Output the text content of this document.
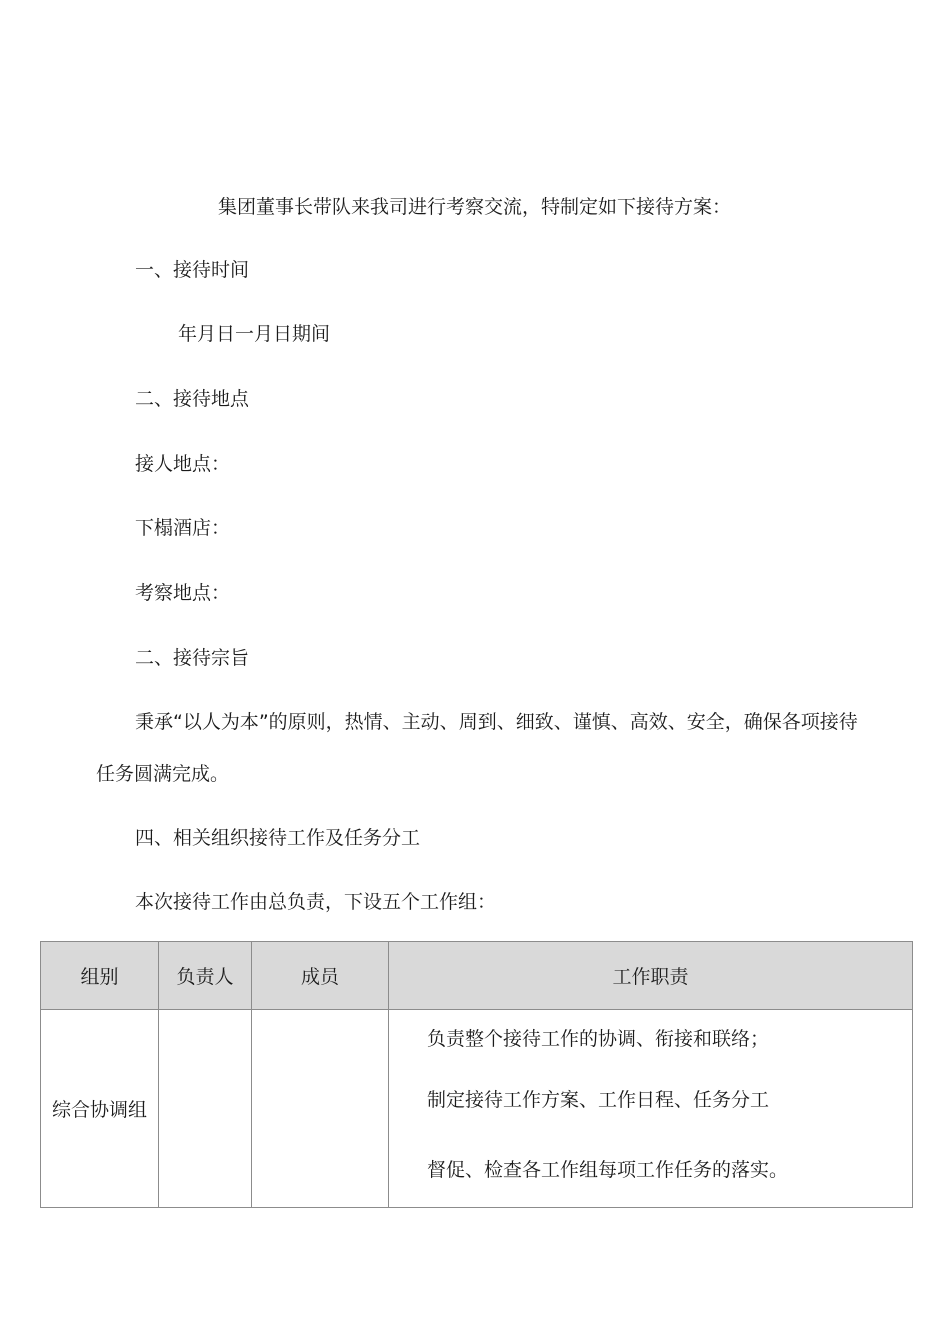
集团董事长带队来我司进行考察交流，特制定如下接待方案：
一、接待时间
年月日一月日期间
二、接待地点
接人地点：
下榻酒店：
考察地点：
二、接待宗旨
秉承“以人为本”的原则，热情、主动、周到、细致、谨慎、高效、安全，确保各项接待
任务圆满完成。
四、相关组织接待工作及任务分工
本次接待工作由总负责，下设五个工作组：
组别	负责人	成员	工作职责
综合协调组			负责整个接待工作的协调、衔接和联络；
制定接待工作方案、工作日程、任务分工
督促、检查各工作组每项工作任务的落实。
